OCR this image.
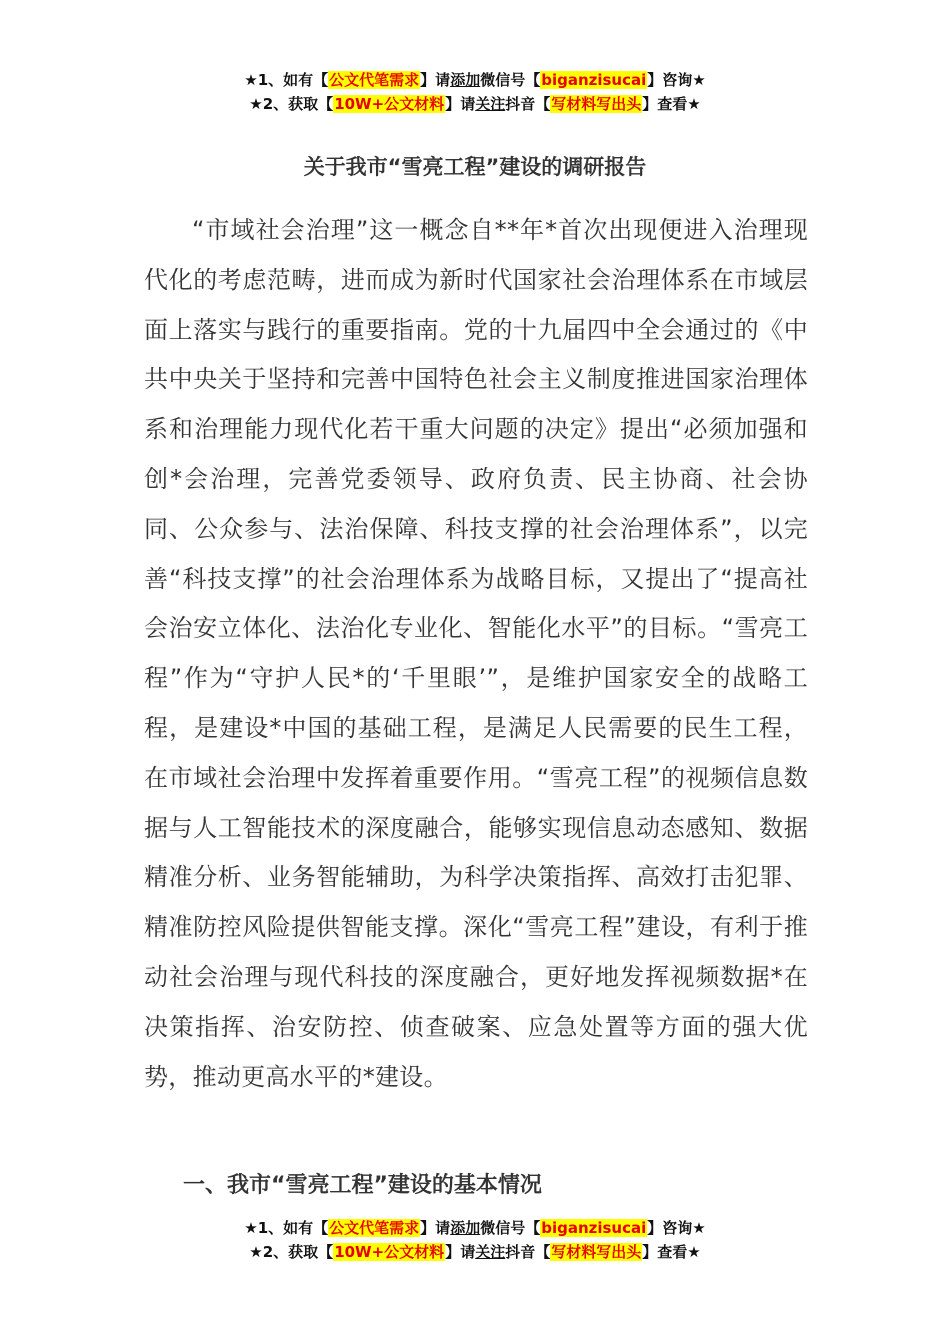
★1、如有【公文代笔需求】请添加微信号【biganzisucai】咨询★
★2、获取【10W+公文材料】请关注抖音【写材料写出头】查看★
关于我市“雪亮工程”建设的调研报告

“市域社会治理”这一概念自**年*首次出现便进入治理现代化的考虑范畴，进而成为新时代国家社会治理体系在市域层面上落实与践行的重要指南。党的十九届四中全会通过的《中共中央关于坚持和完善中国特色社会主义制度推进国家治理体系和治理能力现代化若干重大问题的决定》提出“必须加强和创*会治理，完善党委领导、政府负责、民主协商、社会协同、公众参与、法治保障、科技支撑的社会治理体系”，以完善“科技支撑”的社会治理体系为战略目标，又提出了“提高社会治安立体化、法治化专业化、智能化水平”的目标。“雪亮工程”作为“守护人民*的‘千里眼’”，是维护国家安全的战略工程，是建设*中国的基础工程，是满足人民需要的民生工程，在市域社会治理中发挥着重要作用。“雪亮工程”的视频信息数据与人工智能技术的深度融合，能够实现信息动态感知、数据精准分析、业务智能辅助，为科学决策指挥、高效打击犯罪、精准防控风险提供智能支撑。深化“雪亮工程”建设，有利于推动社会治理与现代科技的深度融合，更好地发挥视频数据*在决策指挥、治安防控、侦查破案、应急处置等方面的强大优势，推动更高水平的*建设。

一、我市“雪亮工程”建设的基本情况
★1、如有【公文代笔需求】请添加微信号【biganzisucai】咨询★
★2、获取【10W+公文材料】请关注抖音【写材料写出头】查看★
